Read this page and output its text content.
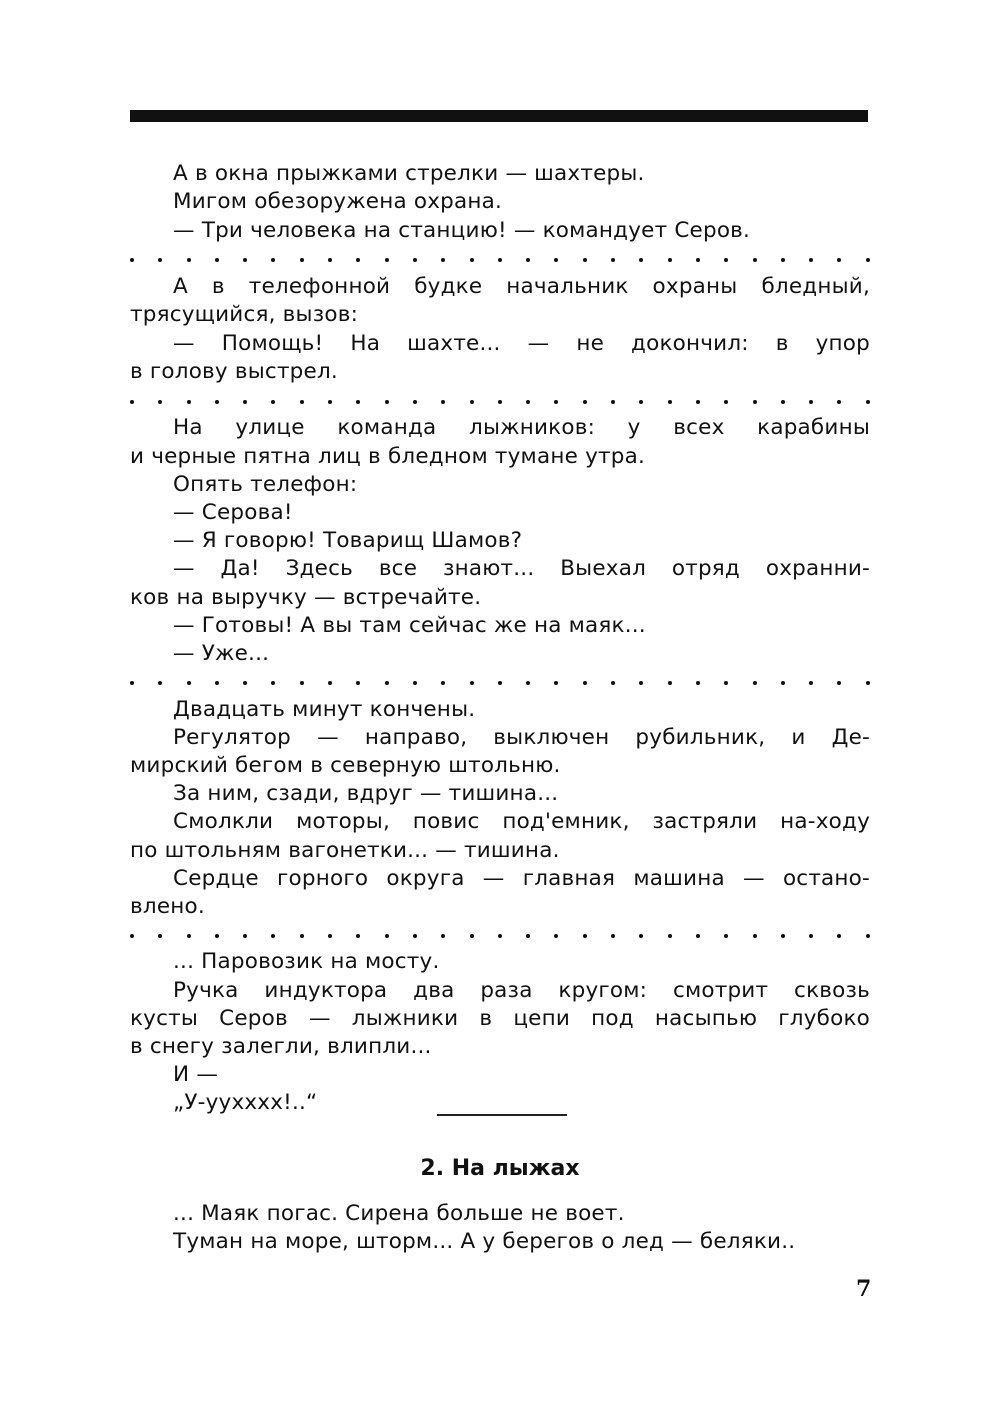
А в окна прыжками стрелки — шахтеры.
Мигом обезоружена охрана.
— Три человека на станцию! — командует Серов.
А в телефонной будке начальник охраны бледный,
трясущийся, вызов:
— Помощь! На шахте... — не докончил: в упор
в голову выстрел.
На улице команда лыжников: у всех карабины
и черные пятна лиц в бледном тумане утра.
Опять телефон:
— Серова!
— Я говорю! Товарищ Шамов?
— Да! Здесь все знают... Выехал отряд охранни-
ков на выручку — встречайте.
— Готовы! А вы там сейчас же на маяк...
— Уже...
Двадцать минут кончены.
Регулятор — направо, выключен рубильник, и Де-
мирский бегом в северную штольню.
За ним, сзади, вдруг — тишина...
Смолкли моторы, повис под'емник, застряли на-ходу
по штольням вагонетки... — тишина.
Сердце горного округа — главная машина — остано-
влено.
... Паровозик на мосту.
Ручка индуктора два раза кругом: смотрит сквозь
кусты Серов — лыжники в цепи под насыпью глубоко
в снегу залегли, влипли...
И —
„У-уухххх!..“
... Маяк погас. Сирена больше не воет.
Туман на море, шторм... А у берегов о лед — беляки..
2. На лыжах
7
